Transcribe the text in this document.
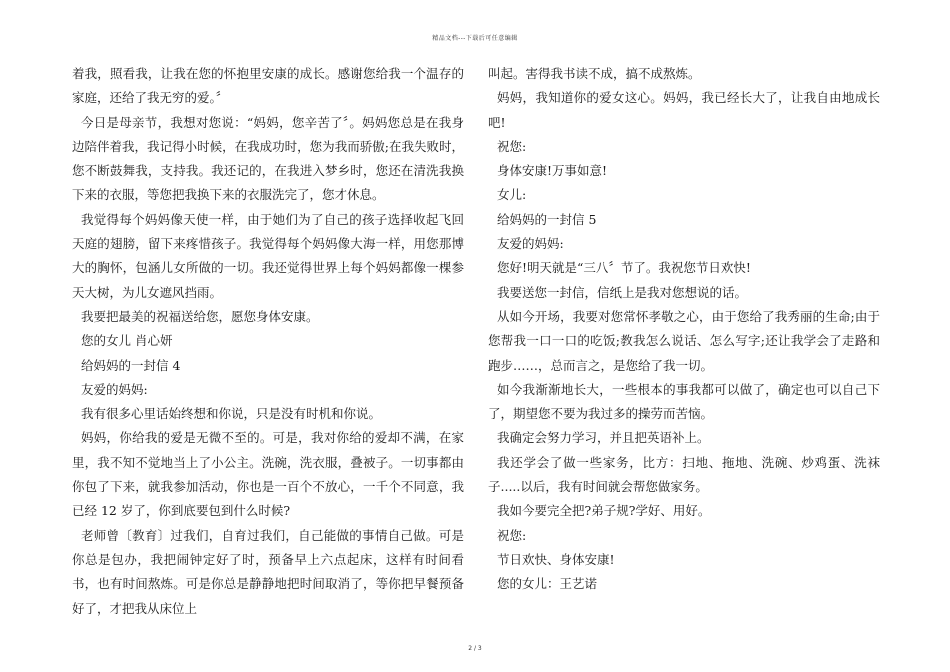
精品文档---下载后可任意编辑

着我，照看我，让我在您的怀抱里安康的成长。感谢您给我一个温存的家庭，还给了我无穷的爱。〞

今日是母亲节，我想对您说：“妈妈，您辛苦了〞。妈妈您总是在我身边陪伴着我，我记得小时候，在我成功时，您为我而骄傲;在我失败时，您不断鼓舞我，支持我。我还记的，在我进入梦乡时，您还在清洗我换下来的衣服，等您把我换下来的衣服洗完了，您才休息。

我觉得每个妈妈像天使一样，由于她们为了自己的孩子选择收起飞回天庭的翅膀，留下来疼惜孩子。我觉得每个妈妈像大海一样，用您那博大的胸怀，包涵儿女所做的一切。我还觉得世界上每个妈妈都像一棵参天大树，为儿女遮风挡雨。

我要把最美的祝福送给您，愿您身体安康。

您的女儿 肖心妍

给妈妈的一封信 4

友爱的妈妈:

我有很多心里话始终想和你说，只是没有时机和你说。

妈妈，你给我的爱是无微不至的。可是，我对你给的爱却不满，在家里，我不知不觉地当上了小公主。洗碗，洗衣服，叠被子。一切事都由你包了下来，就我参加活动，你也是一百个不放心，一千个不同意，我已经 12 岁了，你到底要包到什么时候?

老师曾〔教育〕过我们，自育过我们，自己能做的事情自己做。可是你总是包办，我把闹钟定好了时，预备早上六点起床，这样有时间看书，也有时间熬炼。可是你总是静静地把时间取消了，等你把早餐预备好了，才把我从床位上

叫起。害得我书读不成，搞不成熬炼。

妈妈，我知道你的爱女这心。妈妈，我已经长大了，让我自由地成长吧!

祝您:

身体安康!万事如意!

女儿:

给妈妈的一封信 5

友爱的妈妈:

您好!明天就是“三八〞节了。我祝您节日欢快!

我要送您一封信，信纸上是我对您想说的话。

从如今开场，我要对您常怀孝敬之心，由于您给了我秀丽的生命;由于您帮我一口一口的吃饭;教我怎么说话、怎么写字;还让我学会了走路和跑步……，总而言之，是您给了我一切。

如今我渐渐地长大，一些根本的事我都可以做了，确定也可以自己下了，期望您不要为我过多的操劳而苦恼。

我确定会努力学习，并且把英语补上。

我还学会了做一些家务，比方：扫地、拖地、洗碗、炒鸡蛋、洗袜子.....以后，我有时间就会帮您做家务。

我如今要完全把?弟子规?学好、用好。

祝您:

节日欢快、身体安康!

您的女儿：王艺诺

2 / 3
